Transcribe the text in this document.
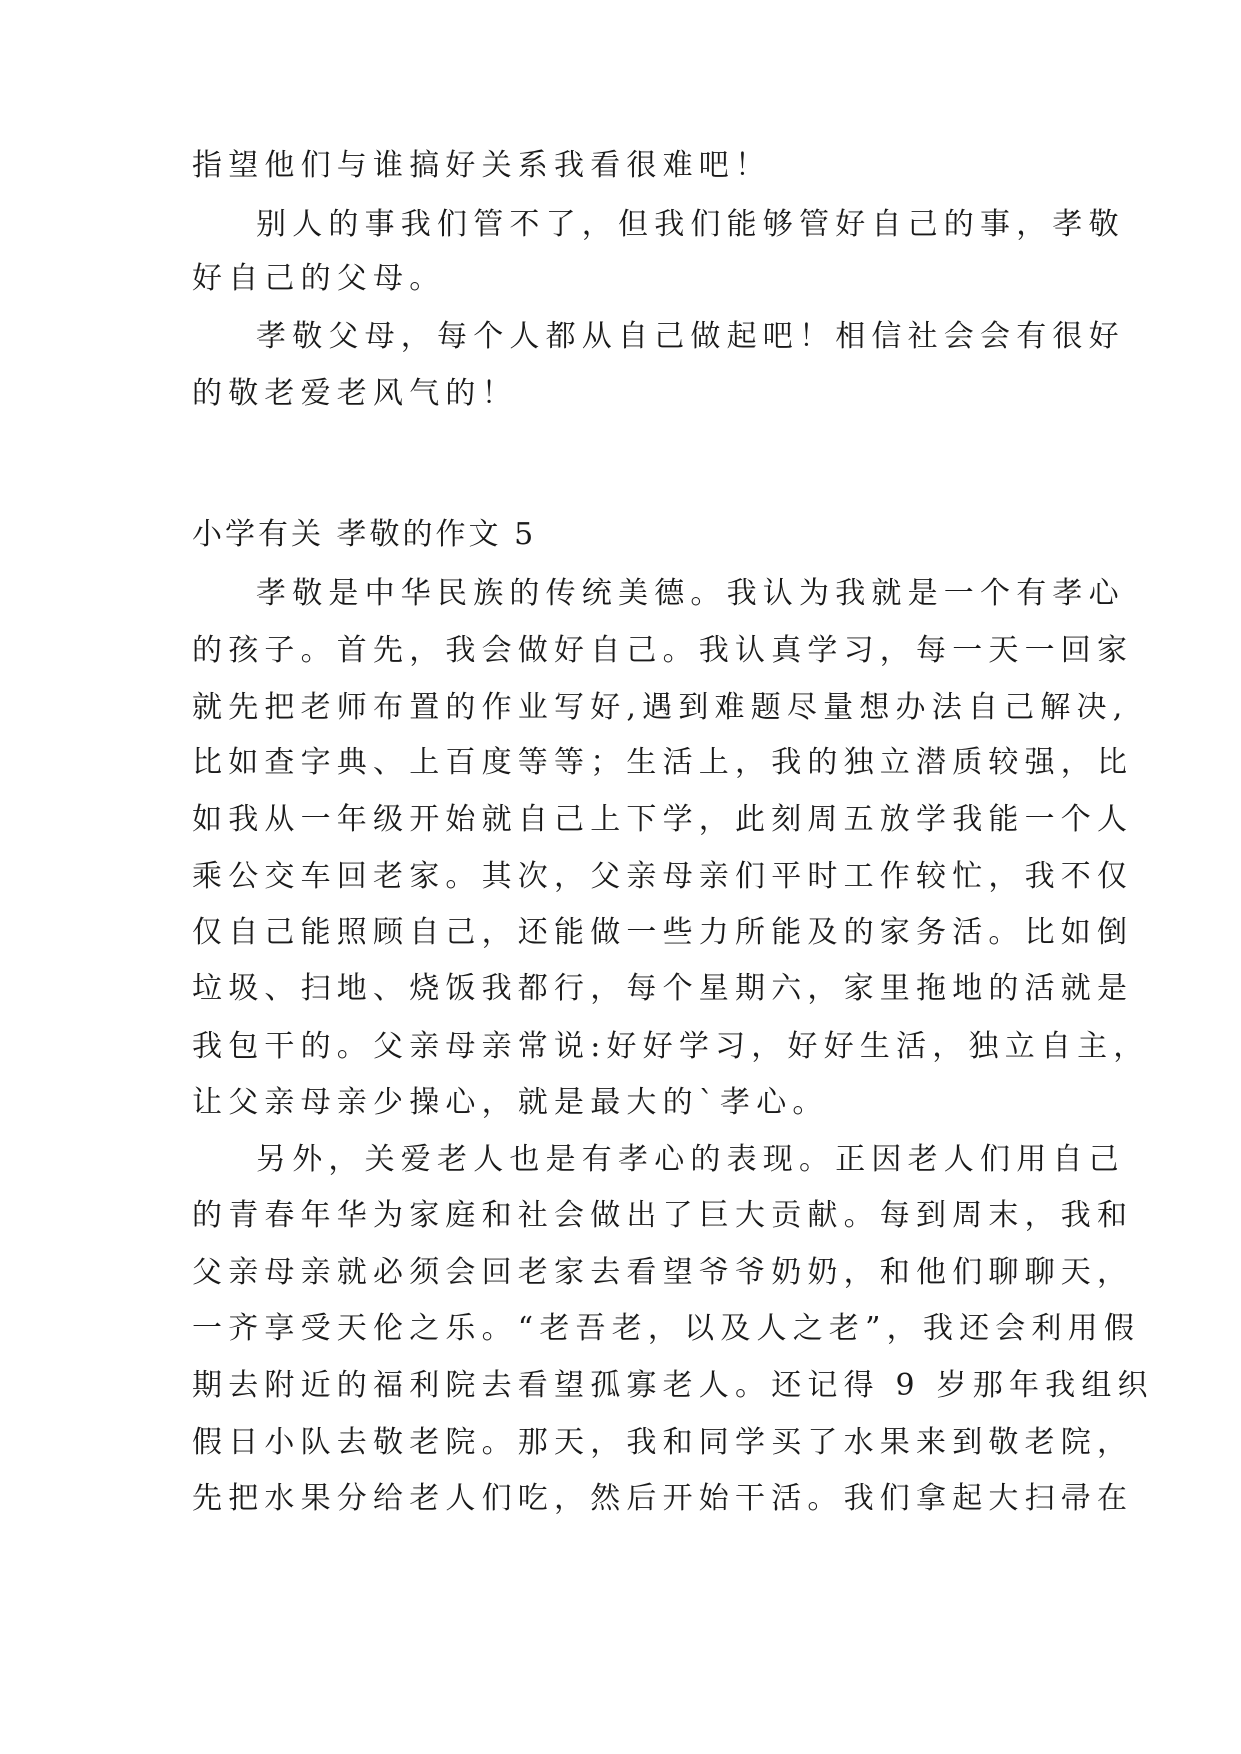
指望他们与谁搞好关系我看很难吧！
别人的事我们管不了，但我们能够管好自己的事，孝敬
好自己的父母。
孝敬父母，每个人都从自己做起吧！相信社会会有很好
的敬老爱老风气的！
小学有关 孝敬的作文 5
孝敬是中华民族的传统美德。我认为我就是一个有孝心
的孩子。首先，我会做好自己。我认真学习，每一天一回家
就先把老师布置的作业写好,遇到难题尽量想办法自己解决,
比如查字典、上百度等等；生活上，我的独立潜质较强，比
如我从一年级开始就自己上下学，此刻周五放学我能一个人
乘公交车回老家。其次，父亲母亲们平时工作较忙，我不仅
仅自己能照顾自己，还能做一些力所能及的家务活。比如倒
垃圾、扫地、烧饭我都行，每个星期六，家里拖地的活就是
我包干的。父亲母亲常说:好好学习，好好生活，独立自主，
让父亲母亲少操心，就是最大的`孝心。
另外，关爱老人也是有孝心的表现。正因老人们用自己
的青春年华为家庭和社会做出了巨大贡献。每到周末，我和
父亲母亲就必须会回老家去看望爷爷奶奶，和他们聊聊天，
一齐享受天伦之乐。“老吾老，以及人之老”，我还会利用假
期去附近的福利院去看望孤寡老人。还记得 9 岁那年我组织
假日小队去敬老院。那天，我和同学买了水果来到敬老院，
先把水果分给老人们吃，然后开始干活。我们拿起大扫帚在
